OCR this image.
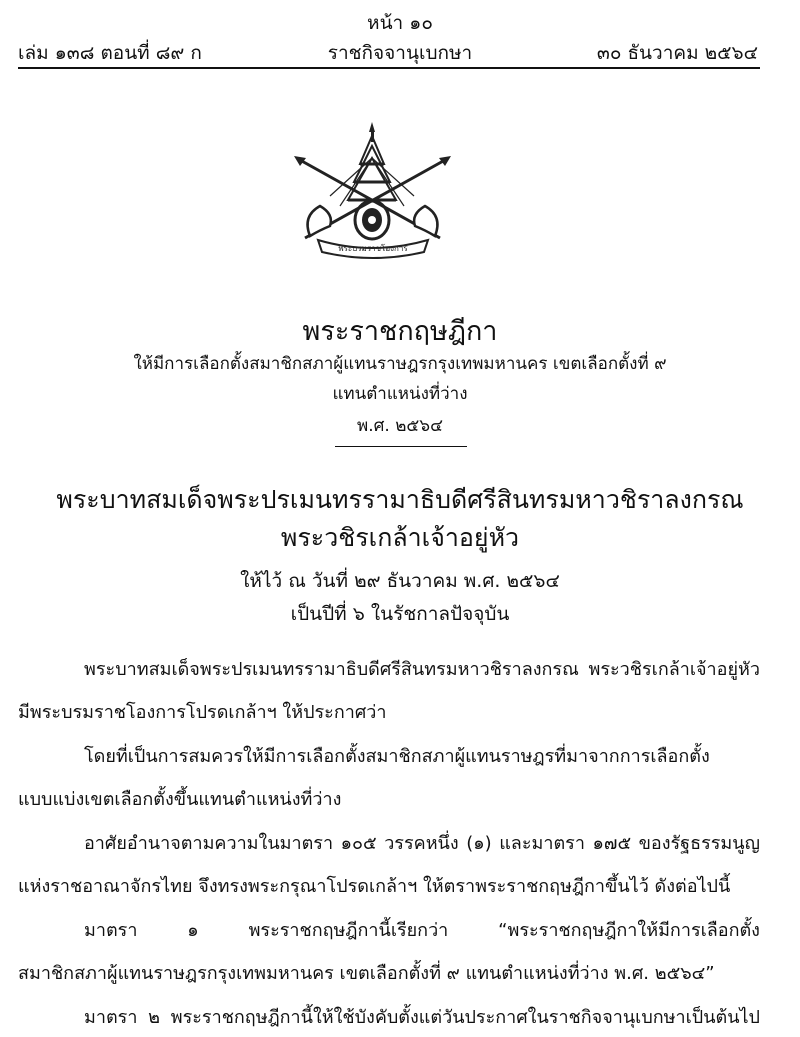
หน้า ๑๐
เล่ม ๑๓๘ ตอนที่ ๘๙ ก	ราชกิจจานุเบกษา	๓๐ ธันวาคม ๒๕๖๔
พระบรมราชโองการ
พระราชกฤษฎีกา
ให้มีการเลือกตั้งสมาชิกสภาผู้แทนราษฎรกรุงเทพมหานคร เขตเลือกตั้งที่ ๙
แทนตำแหน่งที่ว่าง
พ.ศ. ๒๕๖๔
พระบาทสมเด็จพระปรเมนทรรามาธิบดีศรีสินทรมหาวชิราลงกรณ
พระวชิรเกล้าเจ้าอยู่หัว
ให้ไว้ ณ วันที่ ๒๙ ธันวาคม พ.ศ. ๒๕๖๔
เป็นปีที่ ๖ ในรัชกาลปัจจุบัน
พระบาทสมเด็จพระปรเมนทรรามาธิบดีศรีสินทรมหาวชิราลงกรณ พระวชิรเกล้าเจ้าอยู่หัว
มีพระบรมราชโองการโปรดเกล้าฯ ให้ประกาศว่า
โดยที่เป็นการสมควรให้มีการเลือกตั้งสมาชิกสภาผู้แทนราษฎรที่มาจากการเลือกตั้ง
แบบแบ่งเขตเลือกตั้งขึ้นแทนตำแหน่งที่ว่าง
อาศัยอำนาจตามความในมาตรา ๑๐๕ วรรคหนึ่ง (๑) และมาตรา ๑๗๕ ของรัฐธรรมนูญ
แห่งราชอาณาจักรไทย จึงทรงพระกรุณาโปรดเกล้าฯ ให้ตราพระราชกฤษฎีกาขึ้นไว้ ดังต่อไปนี้
มาตรา	๑	พระราชกฤษฎีกานี้เรียกว่า	“พระราชกฤษฎีกาให้มีการเลือกตั้ง
สมาชิกสภาผู้แทนราษฎรกรุงเทพมหานคร เขตเลือกตั้งที่ ๙ แทนตำแหน่งที่ว่าง พ.ศ. ๒๕๖๔”
มาตรา ๒ พระราชกฤษฎีกานี้ให้ใช้บังคับตั้งแต่วันประกาศในราชกิจจานุเบกษาเป็นต้นไป
